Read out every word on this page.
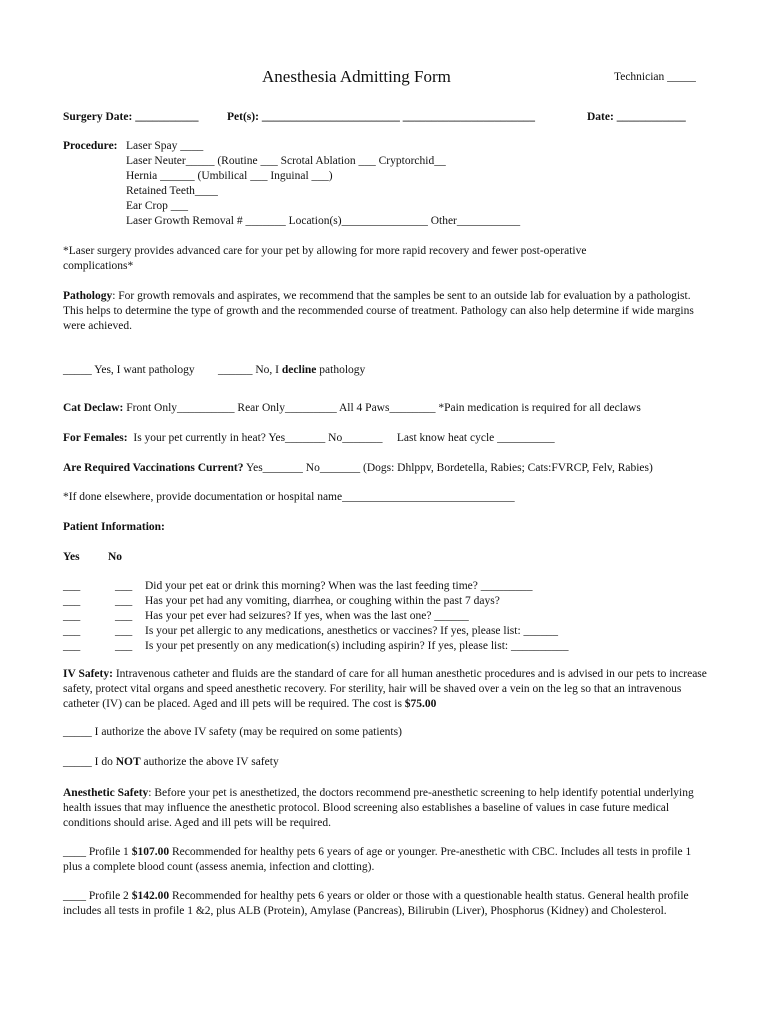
Anesthesia Admitting Form	Technician _____
Surgery Date: ___________ Pet(s): ________________________ _______________________	Date: ____________
Procedure: Laser Spay ____
Laser Neuter_____ (Routine ___ Scrotal Ablation ___ Cryptorchid__
Hernia ______ (Umbilical ___ Inguinal ___)
Retained Teeth____
Ear Crop ___
Laser Growth Removal # _______ Location(s)_______________ Other___________
*Laser surgery provides advanced care for your pet by allowing for more rapid recovery and fewer post-operative complications*
Pathology: For growth removals and aspirates, we recommend that the samples be sent to an outside lab for evaluation by a pathologist. This helps to determine the type of growth and the recommended course of treatment. Pathology can also help determine if wide margins were achieved.
_____ Yes, I want pathology ______ No, I decline pathology
Cat Declaw: Front Only__________ Rear Only_________ All 4 Paws________ *Pain medication is required for all declaws
For Females:  Is your pet currently in heat? Yes_______ No_______     Last know heat cycle __________
Are Required Vaccinations Current? Yes_______ No_______ (Dogs: Dhlppv, Bordetella, Rabies; Cats:FVRCP, Felv, Rabies)
*If done elsewhere, provide documentation or hospital name______________________________
Patient Information:
Yes No
___	___ Did your pet eat or drink this morning? When was the last feeding time? _________
___	___ Has your pet had any vomiting, diarrhea, or coughing within the past 7 days?
___	___ Has your pet ever had seizures? If yes, when was the last one? ______
___	___ Is your pet allergic to any medications, anesthetics or vaccines? If yes, please list: ______
___	___ Is your pet presently on any medication(s) including aspirin? If yes, please list: __________
IV Safety: Intravenous catheter and fluids are the standard of care for all human anesthetic procedures and is advised in our pets to increase safety, protect vital organs and speed anesthetic recovery. For sterility, hair will be shaved over a vein on the leg so that an intravenous catheter (IV) can be placed. Aged and ill pets will be required. The cost is $75.00
_____ I authorize the above IV safety (may be required on some patients)
_____ I do NOT authorize the above IV safety
Anesthetic Safety: Before your pet is anesthetized, the doctors recommend pre-anesthetic screening to help identify potential underlying health issues that may influence the anesthetic protocol. Blood screening also establishes a baseline of values in case future medical conditions should arise. Aged and ill pets will be required.
____ Profile 1 $107.00 Recommended for healthy pets 6 years of age or younger. Pre-anesthetic with CBC. Includes all tests in profile 1 plus a complete blood count (assess anemia, infection and clotting).
____ Profile 2 $142.00 Recommended for healthy pets 6 years or older or those with a questionable health status. General health profile includes all tests in profile 1 &2, plus ALB (Protein), Amylase (Pancreas), Bilirubin (Liver), Phosphorus (Kidney) and Cholesterol.
